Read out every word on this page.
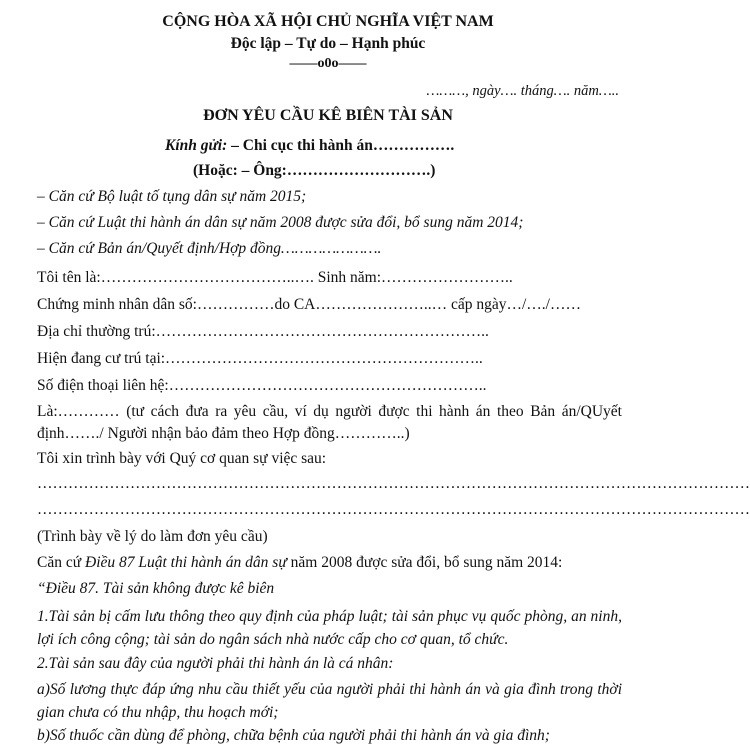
CỘNG HÒA XÃ HỘI CHỦ NGHĨA VIỆT NAM
Độc lập – Tự do – Hạnh phúc
——o0o——
………, ngày…. tháng…. năm…..
ĐƠN YÊU CẦU KÊ BIÊN TÀI SẢN
Kính gửi: – Chi cục thi hành án…………….
(Hoặc: – Ông:……………………….)
– Căn cứ Bộ luật tố tụng dân sự năm 2015;
– Căn cứ Luật thi hành án dân sự năm 2008 được sửa đổi, bổ sung năm 2014;
– Căn cứ Bản án/Quyết định/Hợp đồng………………….
Tôi tên là:………………………………..…. Sinh năm:……………………..
Chứng minh nhân dân số:……………do CA…………………..… cấp ngày…/…./……
Địa chỉ thường trú:………………………………………………………..
Hiện đang cư trú tại:……………………………………………………..
Số điện thoại liên hệ:……………………………………………………..
Là:………… (tư cách đưa ra yêu cầu, ví dụ người được thi hành án theo Bản án/QUyết định……./ Người nhận bảo đảm theo Hợp đồng…………..)
Tôi xin trình bày với Quý cơ quan sự việc sau:
…………………………………………………………………………………………………………………………
…………………………………………………………………………………………………………………………
(Trình bày về lý do làm đơn yêu cầu)
Căn cứ Điều 87 Luật thi hành án dân sự năm 2008 được sửa đổi, bổ sung năm 2014:
“Điều 87. Tài sản không được kê biên
1.Tài sản bị cấm lưu thông theo quy định của pháp luật; tài sản phục vụ quốc phòng, an ninh, lợi ích công cộng; tài sản do ngân sách nhà nước cấp cho cơ quan, tổ chức.
2.Tài sản sau đây của người phải thi hành án là cá nhân:
a)Số lương thực đáp ứng nhu cầu thiết yếu của người phải thi hành án và gia đình trong thời gian chưa có thu nhập, thu hoạch mới;
b)Số thuốc cần dùng để phòng, chữa bệnh của người phải thi hành án và gia đình;
